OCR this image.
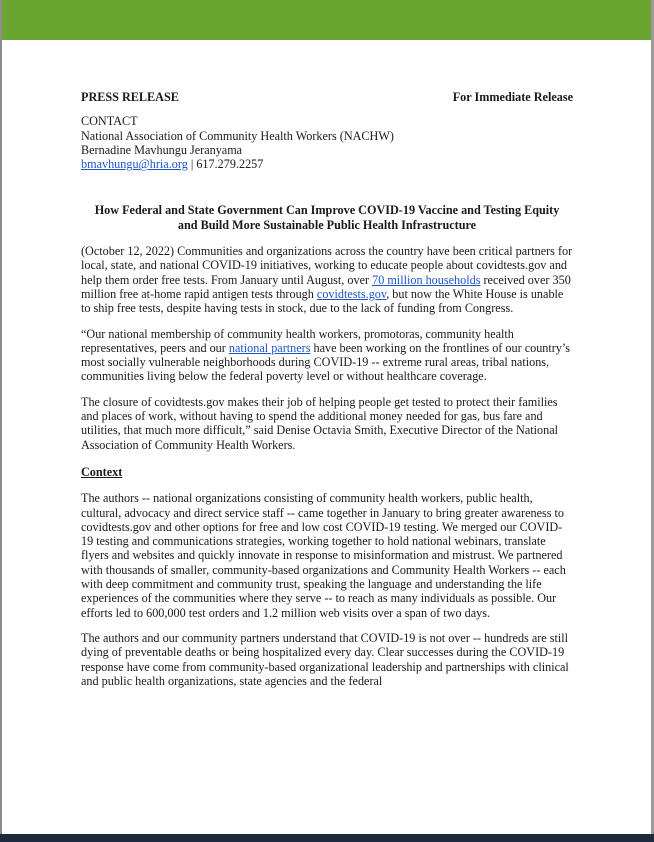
PRESS RELEASE	For Immediate Release
CONTACT
National Association of Community Health Workers (NACHW)
Bernadine Mavhungu Jeranyama
bmavhungu@hria.org | 617.279.2257
How Federal and State Government Can Improve COVID-19 Vaccine and Testing Equity
and Build More Sustainable Public Health Infrastructure
(October 12, 2022) Communities and organizations across the country have been critical partners for local, state, and national COVID-19 initiatives, working to educate people about covidtests.gov and help them order free tests. From January until August, over 70 million households received over 350 million free at-home rapid antigen tests through covidtests.gov, but now the White House is unable to ship free tests, despite having tests in stock, due to the lack of funding from Congress.
“Our national membership of community health workers, promotoras, community health representatives, peers and our national partners have been working on the frontlines of our country’s most socially vulnerable neighborhoods during COVID-19 -- extreme rural areas, tribal nations, communities living below the federal poverty level or without healthcare coverage.
The closure of covidtests.gov makes their job of helping people get tested to protect their families and places of work, without having to spend the additional money needed for gas, bus fare and utilities, that much more difficult,” said Denise Octavia Smith, Executive Director of the National Association of Community Health Workers.
Context
The authors -- national organizations consisting of community health workers, public health, cultural, advocacy and direct service staff -- came together in January to bring greater awareness to covidtests.gov and other options for free and low cost COVID-19 testing. We merged our COVID-19 testing and communications strategies, working together to hold national webinars, translate flyers and websites and quickly innovate in response to misinformation and mistrust. We partnered with thousands of smaller, community-based organizations and Community Health Workers -- each with deep commitment and community trust, speaking the language and understanding the life experiences of the communities where they serve -- to reach as many individuals as possible. Our efforts led to 600,000 test orders and 1.2 million web visits over a span of two days.
The authors and our community partners understand that COVID-19 is not over -- hundreds are still dying of preventable deaths or being hospitalized every day. Clear successes during the COVID-19 response have come from community-based organizational leadership and partnerships with clinical and public health organizations, state agencies and the federal
